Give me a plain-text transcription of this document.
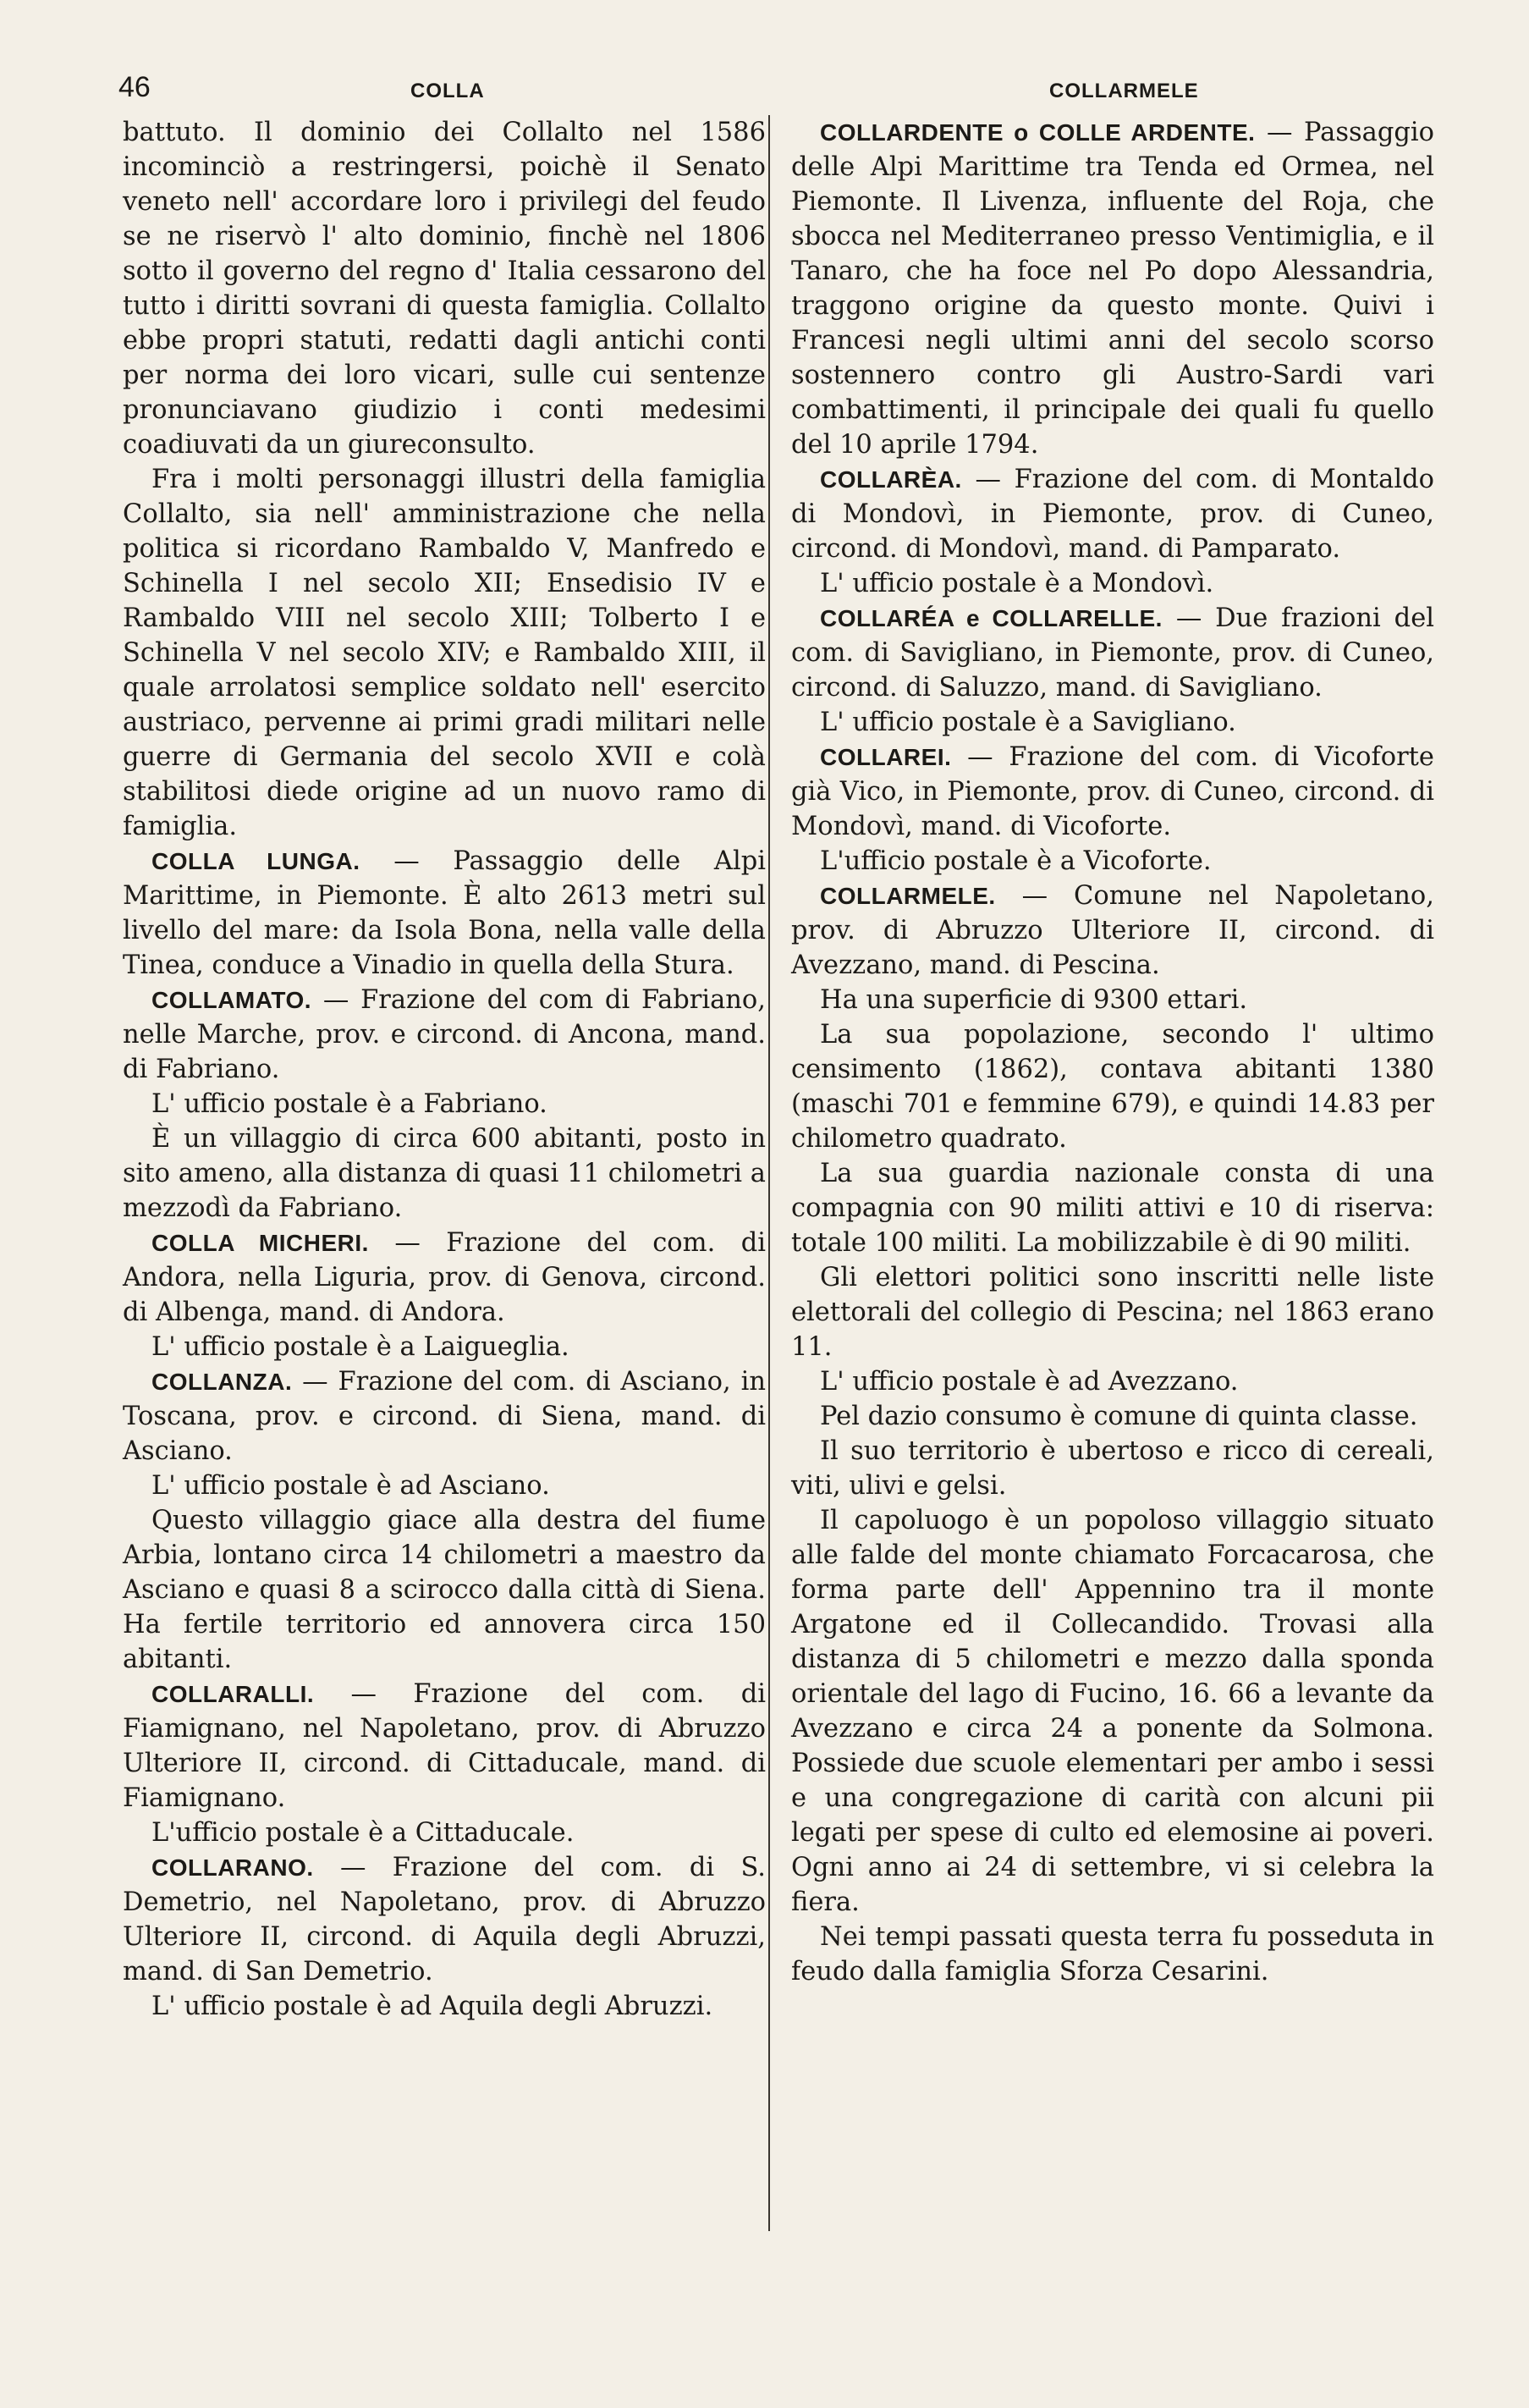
46	COLLA	COLLARMELE

battuto. Il dominio dei Collalto nel 1586 incominciò a restringersi, poichè il Senato veneto nell' accordare loro i privilegi del feudo se ne riservò l' alto dominio, finchè nel 1806 sotto il governo del regno d' Italia cessarono del tutto i diritti sovrani di questa famiglia. Collalto ebbe propri statuti, redatti dagli antichi conti per norma dei loro vicari, sulle cui sentenze pronunciavano giudizio i conti medesimi coadiuvati da un giureconsulto.

Fra i molti personaggi illustri della famiglia Collalto, sia nell' amministrazione che nella politica si ricordano Rambaldo V, Manfredo e Schinella I nel secolo XII; Ensedisio IV e Rambaldo VIII nel secolo XIII; Tolberto I e Schinella V nel secolo XIV; e Rambaldo XIII, il quale arrolatosi semplice soldato nell' esercito austriaco, pervenne ai primi gradi militari nelle guerre di Germania del secolo XVII e colà stabilitosi diede origine ad un nuovo ramo di famiglia.

COLLA LUNGA. — Passaggio delle Alpi Marittime, in Piemonte. È alto 2613 metri sul livello del mare: da Isola Bona, nella valle della Tinea, conduce a Vinadio in quella della Stura.

COLLAMATO. — Frazione del com di Fabriano, nelle Marche, prov. e circond. di Ancona, mand. di Fabriano.

L' ufficio postale è a Fabriano.

È un villaggio di circa 600 abitanti, posto in sito ameno, alla distanza di quasi 11 chilometri a mezzodì da Fabriano.

COLLA MICHERI. — Frazione del com. di Andora, nella Liguria, prov. di Genova, circond. di Albenga, mand. di Andora.

L' ufficio postale è a Laigueglia.

COLLANZA. — Frazione del com. di Asciano, in Toscana, prov. e circond. di Siena, mand. di Asciano.

L' ufficio postale è ad Asciano.

Questo villaggio giace alla destra del fiume Arbia, lontano circa 14 chilometri a maestro da Asciano e quasi 8 a scirocco dalla città di Siena. Ha fertile territorio ed annovera circa 150 abitanti.

COLLARALLI. — Frazione del com. di Fiamignano, nel Napoletano, prov. di Abruzzo Ulteriore II, circond. di Cittaducale, mand. di Fiamignano.

L'ufficio postale è a Cittaducale.

COLLARANO. — Frazione del com. di S. Demetrio, nel Napoletano, prov. di Abruzzo Ulteriore II, circond. di Aquila degli Abruzzi, mand. di San Demetrio.

L' ufficio postale è ad Aquila degli Abruzzi.

COLLARDENTE o COLLE ARDENTE. — Passaggio delle Alpi Marittime tra Tenda ed Ormea, nel Piemonte. Il Livenza, influente del Roja, che sbocca nel Mediterraneo presso Ventimiglia, e il Tanaro, che ha foce nel Po dopo Alessandria, traggono origine da questo monte. Quivi i Francesi negli ultimi anni del secolo scorso sostennero contro gli Austro-Sardi vari combattimenti, il principale dei quali fu quello del 10 aprile 1794.

COLLARÈA. — Frazione del com. di Montaldo di Mondovì, in Piemonte, prov. di Cuneo, circond. di Mondovì, mand. di Pamparato.

L' ufficio postale è a Mondovì.

COLLARÉA e COLLARELLE. — Due frazioni del com. di Savigliano, in Piemonte, prov. di Cuneo, circond. di Saluzzo, mand. di Savigliano.

L' ufficio postale è a Savigliano.

COLLAREI. — Frazione del com. di Vicoforte già Vico, in Piemonte, prov. di Cuneo, circond. di Mondovì, mand. di Vicoforte.

L'ufficio postale è a Vicoforte.

COLLARMELE. — Comune nel Napoletano, prov. di Abruzzo Ulteriore II, circond. di Avezzano, mand. di Pescina.

Ha una superficie di 9300 ettari.

La sua popolazione, secondo l' ultimo censimento (1862), contava abitanti 1380 (maschi 701 e femmine 679), e quindi 14.83 per chilometro quadrato.

La sua guardia nazionale consta di una compagnia con 90 militi attivi e 10 di riserva: totale 100 militi. La mobilizzabile è di 90 militi.

Gli elettori politici sono inscritti nelle liste elettorali del collegio di Pescina; nel 1863 erano 11.

L' ufficio postale è ad Avezzano.

Pel dazio consumo è comune di quinta classe.

Il suo territorio è ubertoso e ricco di cereali, viti, ulivi e gelsi.

Il capoluogo è un popoloso villaggio situato alle falde del monte chiamato Forcacarosa, che forma parte dell' Appennino tra il monte Argatone ed il Collecandido. Trovasi alla distanza di 5 chilometri e mezzo dalla sponda orientale del lago di Fucino, 16. 66 a levante da Avezzano e circa 24 a ponente da Solmona. Possiede due scuole elementari per ambo i sessi e una congregazione di carità con alcuni pii legati per spese di culto ed elemosine ai poveri. Ogni anno ai 24 di settembre, vi si celebra la fiera.

Nei tempi passati questa terra fu posseduta in feudo dalla famiglia Sforza Cesarini.
